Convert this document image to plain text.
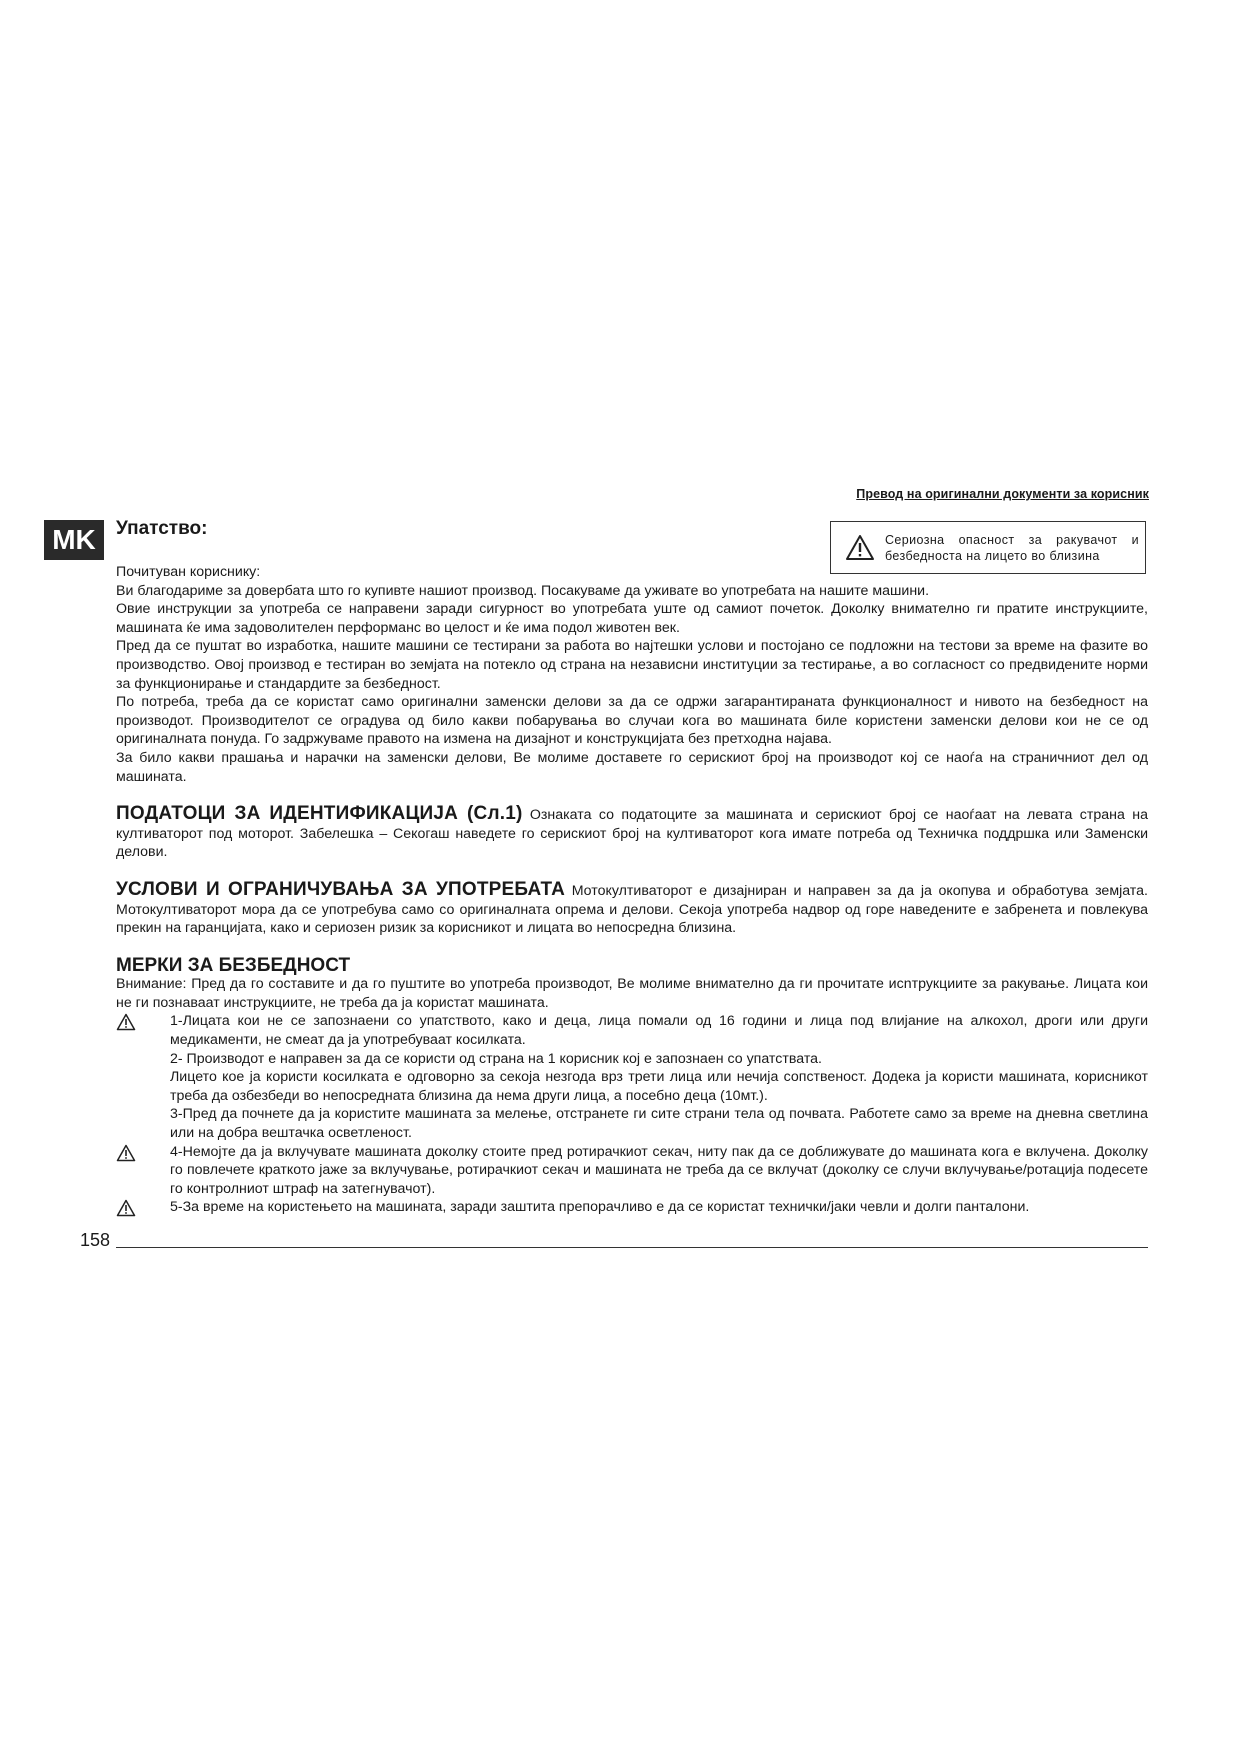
Превод на оригинални документи за корисник
MK	Упатство:
Сериозна опасност за ракувачот и безбедноста на лицето во близина

Почитуван кориснику:

Ви благодариме за довербата што го купивте нашиот производ. Посакуваме да уживате во употребата на нашите машини.

Овие инструкции за употреба се направени заради сигурност во употребата уште од самиот почеток. Доколку внимателно ги пратите инструкциите, машината ќе има задоволителен перформанс во целост и ќе има подол животен век.

Пред да се пуштат во изработка, нашите машини се тестирани за работа во најтешки услови и постојано се подложни на тестови за време на фазите во производство. Овој производ е тестиран во земјата на потекло од страна на независни институции за тестирање, а во согласност со предвидените норми за функционирање и стандардите за безбедност.

По потреба, треба да се користат само оригинални заменски делови за да се одржи загарантираната функционалност и нивото на безбедност на производот. Производителот се оградува од било какви побарувања во случаи кога во машината биле користени заменски делови кои не се од оригиналната понуда. Го задржуваме правото на измена на дизајнот и конструкцијата без претходна најава.

За било какви прашања и нарачки на заменски делови, Ве молиме доставете го серискиот број на производот кој се наоѓа на страничниот дел од машината.

ПОДАТОЦИ ЗА ИДЕНТИФИКАЦИЈА (Сл.1) Ознаката со податоците за машината и серискиот број се наоѓаат на левата страна на култиваторот под моторот. Забелешка – Секогаш наведете го серискиот број на култиваторот кога имате потреба од Техничка поддршка или Заменски делови.

УСЛОВИ И ОГРАНИЧУВАЊА ЗА УПОТРЕБАТА Мотокултиваторот е дизајниран и направен за да ја окопува и обработува земјата. Мотокултиваторот мора да се употребува само со оригиналната опрема и делови. Секоја употреба надвор од горе наведените е забренета и повлекува прекин на гаранцијата, како и сериозен ризик за корисникот и лицата во непосредна близина.

МЕРКИ ЗА БЕЗБЕДНОСТ

Внимание: Пред да го составите и да го пуштите во употреба производот, Ве молиме внимателно да ги прочитате исnтрукциите за ракување. Лицата кои не ги познаваат инструкциите, не треба да ја користат машината.

1-Лицата кои не се запознаени со упатството, како и деца, лица помали од 16 години и лица под влијание на алкохол, дроги или други медикаменти, не смеат да ја употребуваат косилката.
2- Производот е направен за да се користи од страна на 1 корисник кој е запознаен со упатствата.
Лицето кое ја користи косилката е одговорно за секоја незгода врз трети лица или нечија сопственост. Додека ја користи машината, корисникот треба да озбезбеди во непосредната близина да нема други лица, а посебно деца (10мт.).
3-Пред да почнете да ја користите машината за мелење, отстранете ги сите страни тела од почвата. Работете само за време на дневна светлина или на добра вештачка осветленост.
4-Немојте да ја вклучувате машината доколку стоите пред ротирачкиот секач, ниту пак да се доближувате до машината кога е вклучена. Доколку го повлечете краткото јаже за вклучување, ротирачкиот секач и машината не треба да се вклучат (доколку се случи вклучување/ротација подесете го контролниот штраф на затегнувачот).
5-За време на користењето на машината, заради заштита препорачливо е да се користат технички/јаки чевли и долги панталони.
158
